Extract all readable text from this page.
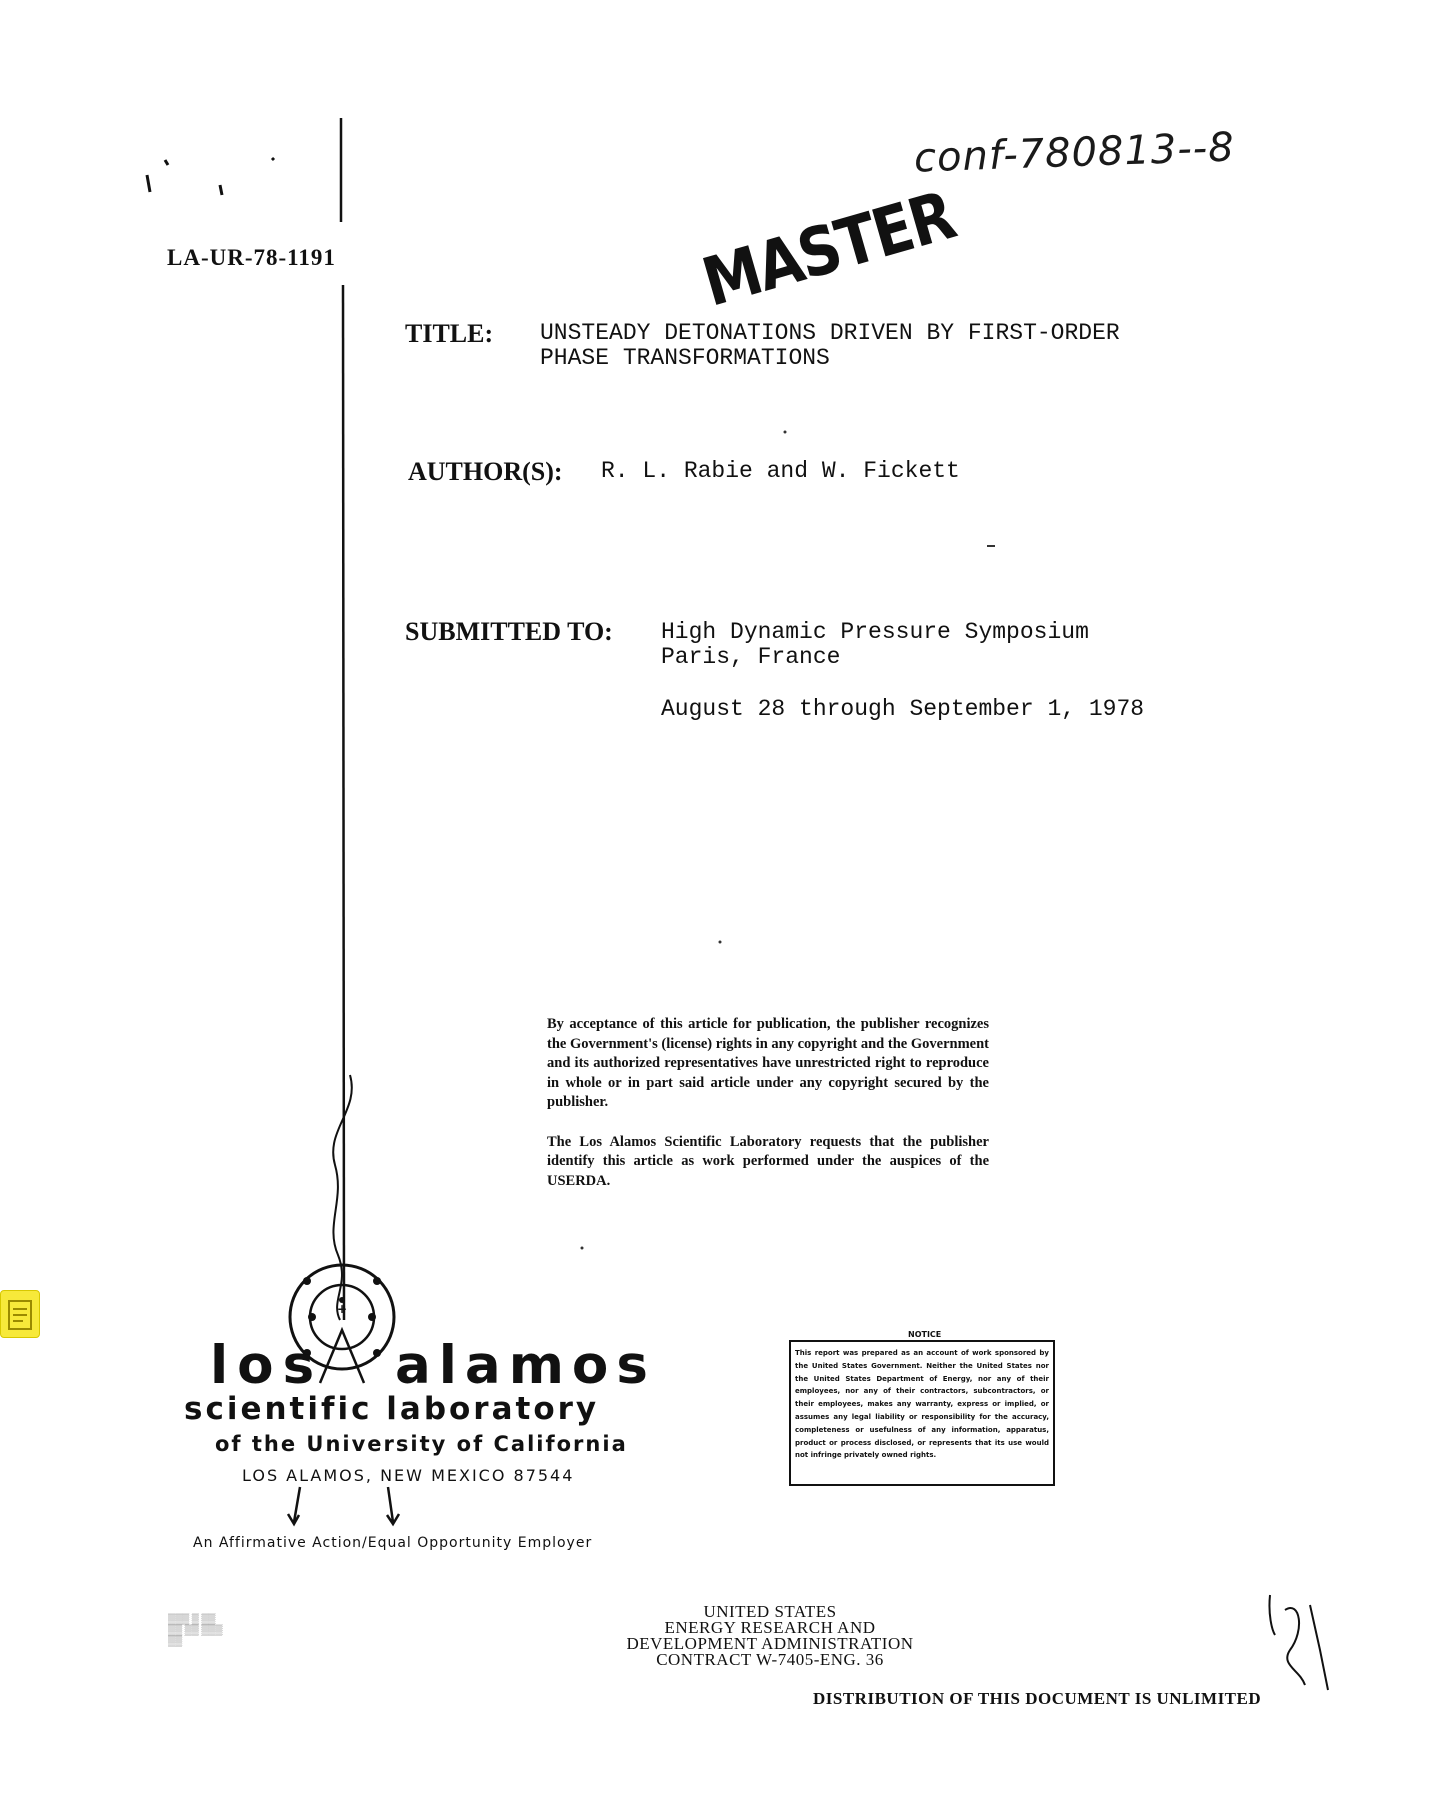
LA-UR-78-1191
conf-780813--8
MASTER
TITLE: UNSTEADY DETONATIONS DRIVEN BY FIRST-ORDER
PHASE TRANSFORMATIONS
AUTHOR(S): R. L. Rabie and W. Fickett
SUBMITTED TO: High Dynamic Pressure Symposium
Paris, France
August 28 through September 1, 1978

By acceptance of this article for publication, the publisher recognizes the Government's (license) rights in any copyright and the Government and its authorized representatives have unrestricted right to reproduce in whole or in part said article under any copyright secured by the publisher.

The Los Alamos Scientific Laboratory requests that the publisher identify this article as work performed under the auspices of the USERDA.

This report was prepared as an account of work sponsored by the United States Government. Neither the United States nor the United States Department of Energy, nor any of their employees, nor any of their contractors, subcontractors, or their employees, makes any warranty, express or implied, or assumes any legal liability or responsibility for the accuracy, completeness or usefulness of any information, apparatus, product or process disclosed, or represents that its use would not infringe privately owned rights.
NOTICE
+
los alamos
scientific laboratory
of the University of California
LOS ALAMOS, NEW MEXICO 87544
An Affirmative Action/Equal Opportunity Employer
▒▒▒ ▒ ▒▒
▒▒ ▒▒ ▒▒▒
▒▒
UNITED STATES
ENERGY RESEARCH AND
DEVELOPMENT ADMINISTRATION
CONTRACT W-7405-ENG. 36
DISTRIBUTION OF THIS DOCUMENT IS UNLIMITED
